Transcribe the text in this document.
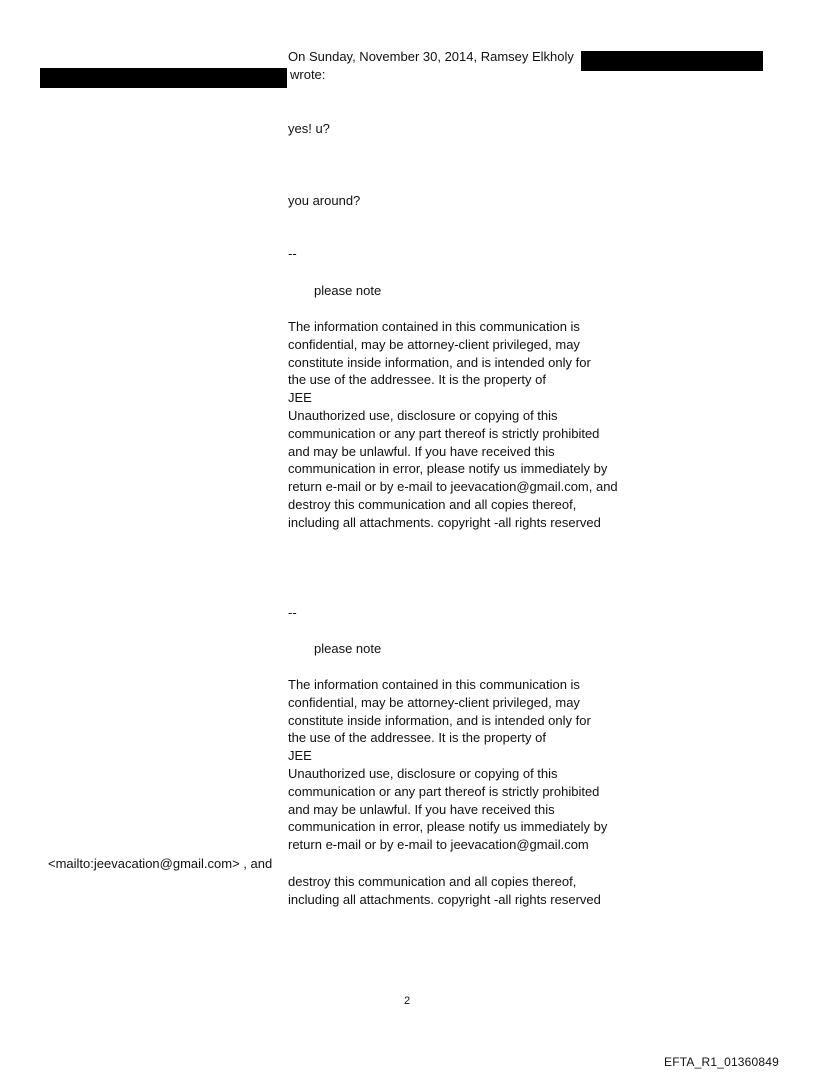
On Sunday, November 30, 2014, Ramsey Elkholy
wrote:
yes! u?
you around?
--
please note
The information contained in this communication is
confidential, may be attorney-client privileged, may
constitute inside information, and is intended only for
the use of the addressee. It is the property of
JEE
Unauthorized use, disclosure or copying of this
communication or any part thereof is strictly prohibited
and may be unlawful. If you have received this
communication in error, please notify us immediately by
return e-mail or by e-mail to jeevacation@gmail.com, and
destroy this communication and all copies thereof,
including all attachments. copyright -all rights reserved
--
please note
The information contained in this communication is
confidential, may be attorney-client privileged, may
constitute inside information, and is intended only for
the use of the addressee. It is the property of
JEE
Unauthorized use, disclosure or copying of this
communication or any part thereof is strictly prohibited
and may be unlawful. If you have received this
communication in error, please notify us immediately by
return e-mail or by e-mail to jeevacation@gmail.com
<mailto:jeevacation@gmail.com> , and
destroy this communication and all copies thereof,
including all attachments. copyright -all rights reserved
2
EFTA_R1_01360849
